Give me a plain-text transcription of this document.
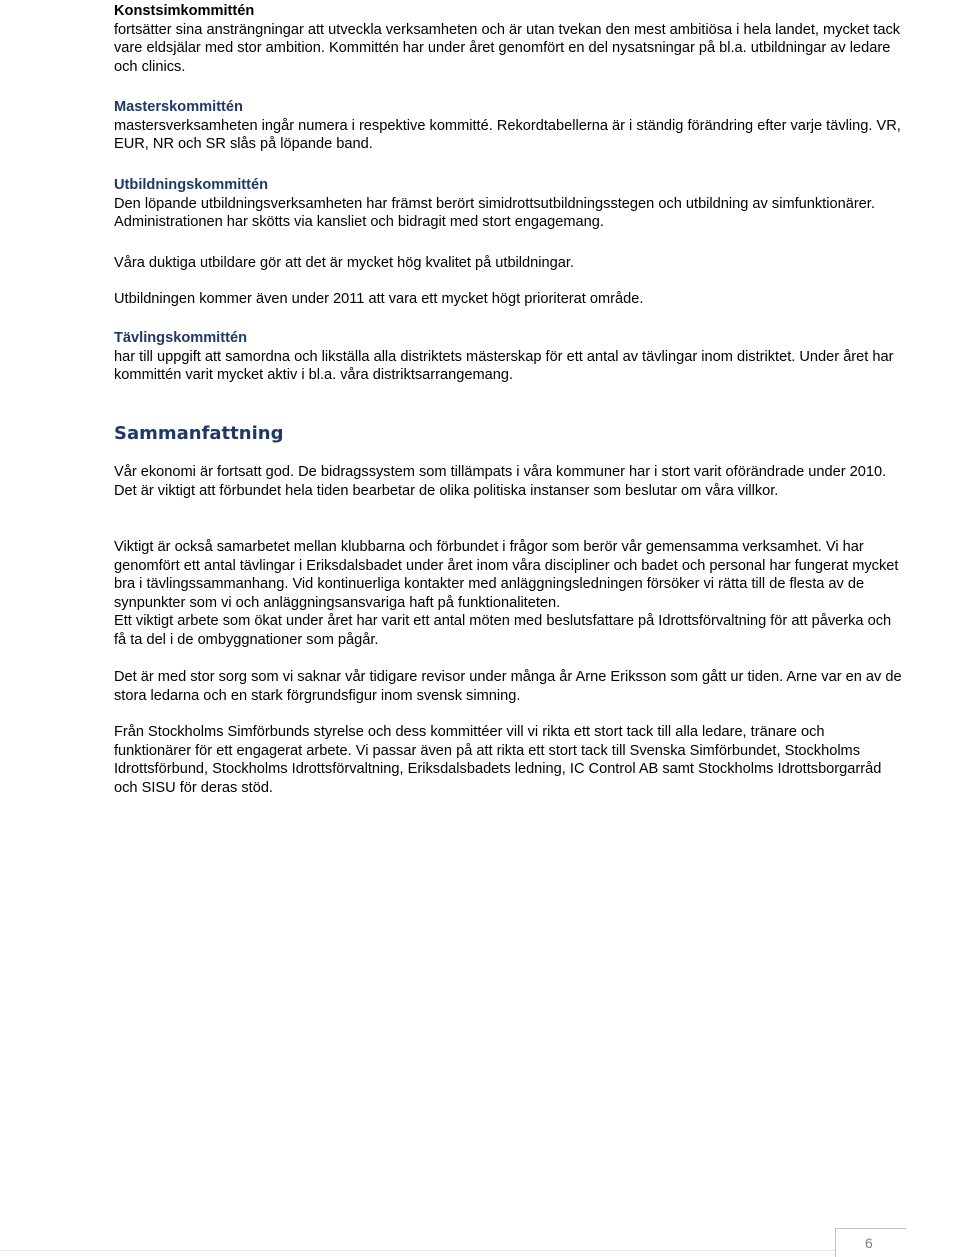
Konstsimkommittén

fortsätter sina ansträngningar att utveckla verksamheten och är utan tvekan den mest ambitiösa i hela landet, mycket tack vare eldsjälar med stor ambition. Kommittén har under året genomfört en del nysatsningar på bl.a. utbildningar av ledare och clinics.

Masterskommittén

mastersverksamheten ingår numera i respektive kommitté. Rekordtabellerna är i ständig förändring efter varje tävling. VR, EUR, NR och SR slås på löpande band.

Utbildningskommittén

Den löpande utbildningsverksamheten har främst berört simidrottsutbildningsstegen och utbildning av simfunktionärer. Administrationen har skötts via kansliet och bidragit med stort engagemang.

Våra duktiga utbildare gör att det är mycket hög kvalitet på utbildningar.

Utbildningen kommer även under 2011 att vara ett mycket högt prioriterat område.

Tävlingskommittén

har till uppgift att samordna och likställa alla distriktets mästerskap för ett antal av tävlingar inom distriktet. Under året har kommittén varit mycket aktiv i bl.a. våra distriktsarrangemang.

Sammanfattning

Vår ekonomi är fortsatt god. De bidragssystem som tillämpats i våra kommuner har i stort varit oförändrade under 2010. Det är viktigt att förbundet hela tiden bearbetar de olika politiska instanser som beslutar om våra villkor.

Viktigt är också samarbetet mellan klubbarna och förbundet i frågor som berör vår gemensamma verksamhet. Vi har genomfört ett antal tävlingar i Eriksdalsbadet under året inom våra discipliner och badet och personal har fungerat mycket bra i tävlingssammanhang. Vid kontinuerliga kontakter med anläggningsledningen försöker vi rätta till de flesta av de synpunkter som vi och anläggningsansvariga haft på funktionaliteten.

Ett viktigt arbete som ökat under året har varit ett antal möten med beslutsfattare på Idrottsförvaltning för att påverka och få ta del i de ombyggnationer som pågår.

Det är med stor sorg som vi saknar vår tidigare revisor under många år Arne Eriksson som gått ur tiden. Arne var en av de stora ledarna och en stark förgrundsfigur inom svensk simning.

Från Stockholms Simförbunds styrelse och dess kommittéer vill vi rikta ett stort tack till alla ledare, tränare och funktionärer för ett engagerat arbete. Vi passar även på att rikta ett stort tack till Svenska Simförbundet, Stockholms Idrottsförbund, Stockholms Idrottsförvaltning, Eriksdalsbadets ledning, IC Control AB samt Stockholms Idrottsborgarråd och SISU för deras stöd.

6
